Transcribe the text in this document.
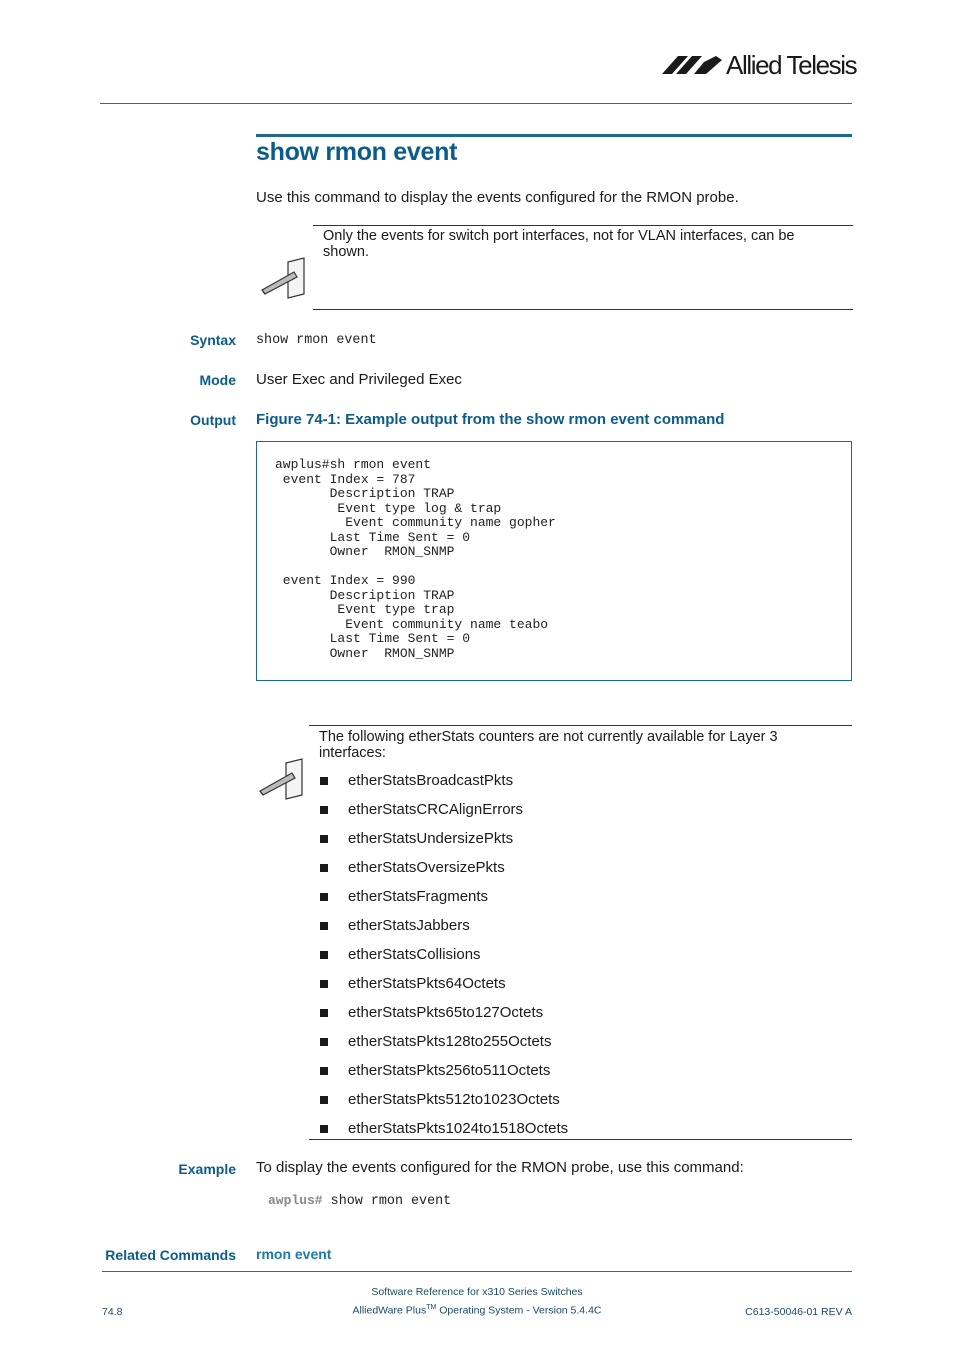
Allied Telesis
show rmon event
Use this command to display the events configured for the RMON probe.
Only the events for switch port interfaces, not for VLAN interfaces, can be
shown.
Syntax show rmon event
Mode User Exec and Privileged Exec
Output Figure 74-1: Example output from the show rmon event command
awplus#sh rmon event
event Index = 787
Description TRAP
Event type log & trap
Event community name gopher
Last Time Sent = 0
Owner  RMON_SNMP

event Index = 990
Description TRAP
Event type trap
Event community name teabo
Last Time Sent = 0
Owner  RMON_SNMP
The following etherStats counters are not currently available for Layer 3
interfaces:
etherStatsBroadcastPkts
etherStatsCRCAlignErrors
etherStatsUndersizePkts
etherStatsOversizePkts
etherStatsFragments
etherStatsJabbers
etherStatsCollisions
etherStatsPkts64Octets
etherStatsPkts65to127Octets
etherStatsPkts128to255Octets
etherStatsPkts256to511Octets
etherStatsPkts512to1023Octets
etherStatsPkts1024to1518Octets
Example To display the events configured for the RMON probe, use this command:
awplus# show rmon event
Related Commands rmon event
Software Reference for x310 Series Switches
AlliedWare Plus™ Operating System - Version 5.4.4C
74.8	C613-50046-01 REV A
